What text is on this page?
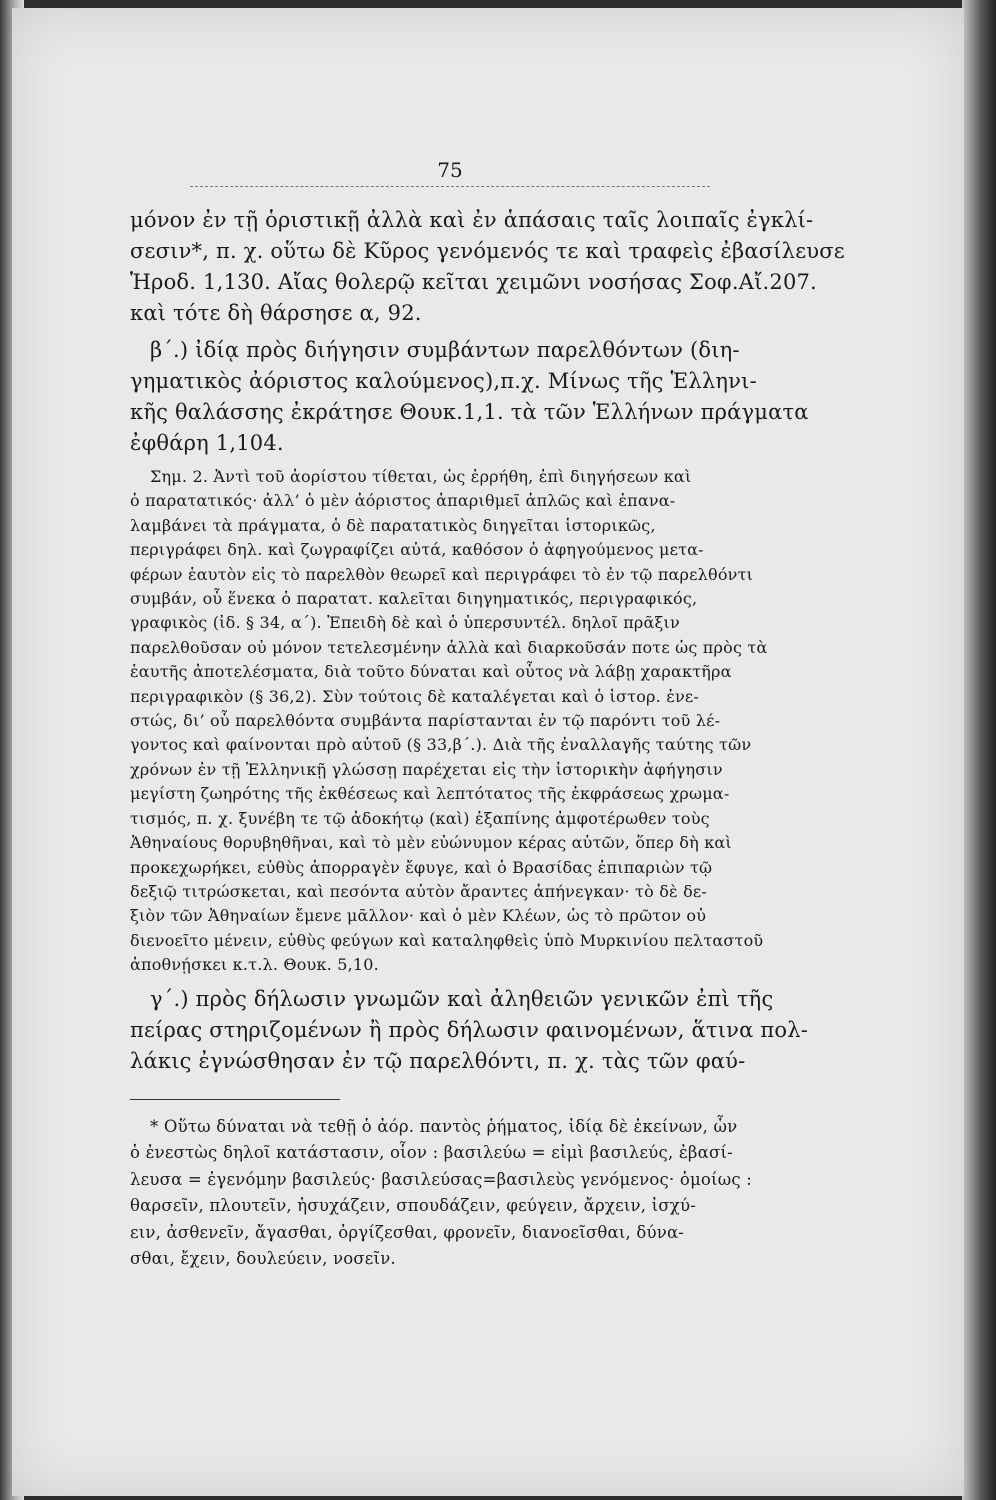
75
μόνον ἐν τῇ ὁριστικῇ ἀλλὰ καὶ ἐν ἁπάσαις ταῖς λοιπαῖς ἐγκλί-
σεσιν*, π. χ. οὕτω δὲ Κῦρος γενόμενός τε καὶ τραφεὶς ἐβασίλευσε
Ἡροδ. 1,130. Αἴας θολερῷ κεῖται χειμῶνι νοσήσας Σοφ.Αἴ.207.
καὶ τότε δὴ θάρσησε α, 92.
β΄.) ἰδίᾳ πρὸς διήγησιν συμβάντων παρελθόντων (διη-
γηματικὸς ἀόριστος καλούμενος),π.χ. Μίνως τῆς Ἑλληνι-
κῆς θαλάσσης ἐκράτησε Θουκ.1,1. τὰ τῶν Ἑλλήνων πράγματα
ἐφθάρη 1,104.
Σημ. 2. Ἀντὶ τοῦ ἀορίστου τίθεται, ὡς ἐρρήθη, ἐπὶ διηγήσεων καὶ
ὁ παρατατικός· ἀλλ’ ὁ μὲν ἀόριστος ἀπαριθμεῖ ἁπλῶς καὶ ἐπανα-
λαμβάνει τὰ πράγματα, ὁ δὲ παρατατικὸς διηγεῖται ἱστορικῶς,
περιγράφει δηλ. καὶ ζωγραφίζει αὐτά, καθόσον ὁ ἀφηγούμενος μετα-
φέρων ἑαυτὸν εἰς τὸ παρελθὸν θεωρεῖ καὶ περιγράφει τὸ ἐν τῷ παρελθόντι
συμβάν, οὗ ἕνεκα ὁ παρατατ. καλεῖται διηγηματικός, περιγραφικός,
γραφικὸς (ἰδ. § 34, α΄). Ἐπειδὴ δὲ καὶ ὁ ὑπερσυντέλ. δηλοῖ πρᾶξιν
παρελθοῦσαν οὐ μόνον τετελεσμένην ἀλλὰ καὶ διαρκοῦσάν ποτε ὡς πρὸς τὰ
ἑαυτῆς ἀποτελέσματα, διὰ τοῦτο δύναται καὶ οὗτος νὰ λάβῃ χαρακτῆρα
περιγραφικὸν (§ 36,2). Σὺν τούτοις δὲ καταλέγεται καὶ ὁ ἱστορ. ἐνε-
στώς, δι’ οὗ παρελθόντα συμβάντα παρίστανται ἐν τῷ παρόντι τοῦ λέ-
γοντος καὶ φαίνονται πρὸ αὐτοῦ (§ 33,β΄.). Διὰ τῆς ἐναλλαγῆς ταύτης τῶν
χρόνων ἐν τῇ Ἑλληνικῇ γλώσσῃ παρέχεται εἰς τὴν ἱστορικὴν ἀφήγησιν
μεγίστη ζωηρότης τῆς ἐκθέσεως καὶ λεπτότατος τῆς ἐκφράσεως χρωμα-
τισμός, π. χ. ξυνέβη τε τῷ ἀδοκήτῳ (καὶ) ἐξαπίνης ἀμφοτέρωθεν τοὺς
Ἀθηναίους θορυβηθῆναι, καὶ τὸ μὲν εὐώνυμον κέρας αὐτῶν, ὅπερ δὴ καὶ
προκεχωρήκει, εὐθὺς ἀπορραγὲν ἔφυγε, καὶ ὁ Βρασίδας ἐπιπαριὼν τῷ
δεξιῷ τιτρώσκεται, καὶ πεσόντα αὐτὸν ἄραντες ἀπήνεγκαν· τὸ δὲ δε-
ξιὸν τῶν Ἀθηναίων ἔμενε μᾶλλον· καὶ ὁ μὲν Κλέων, ὡς τὸ πρῶτον οὐ
διενοεῖτο μένειν, εὐθὺς φεύγων καὶ καταληφθεὶς ὑπὸ Μυρκινίου πελταστοῦ
ἀποθνῄσκει κ.τ.λ. Θουκ. 5,10.
γ΄.) πρὸς δήλωσιν γνωμῶν καὶ ἀληθειῶν γενικῶν ἐπὶ τῆς
πείρας στηριζομένων ἢ πρὸς δήλωσιν φαινομένων, ἅτινα πολ-
λάκις ἐγνώσθησαν ἐν τῷ παρελθόντι, π. χ. τὰς τῶν φαύ-
* Οὕτω δύναται νὰ τεθῇ ὁ ἀόρ. παντὸς ῥήματος, ἰδίᾳ δὲ ἐκείνων, ὧν
ὁ ἐνεστὼς δηλοῖ κατάστασιν, οἷον : βασιλεύω = εἰμὶ βασιλεύς, ἐβασί-
λευσα = ἐγενόμην βασιλεύς· βασιλεύσας=βασιλεὺς γενόμενος· ὁμοίως :
θαρσεῖν, πλουτεῖν, ἡσυχάζειν, σπουδάζειν, φεύγειν, ἄρχειν, ἰσχύ-
ειν, ἀσθενεῖν, ἄγασθαι, ὀργίζεσθαι, φρονεῖν, διανοεῖσθαι, δύνα-
σθαι, ἔχειν, δουλεύειν, νοσεῖν.
